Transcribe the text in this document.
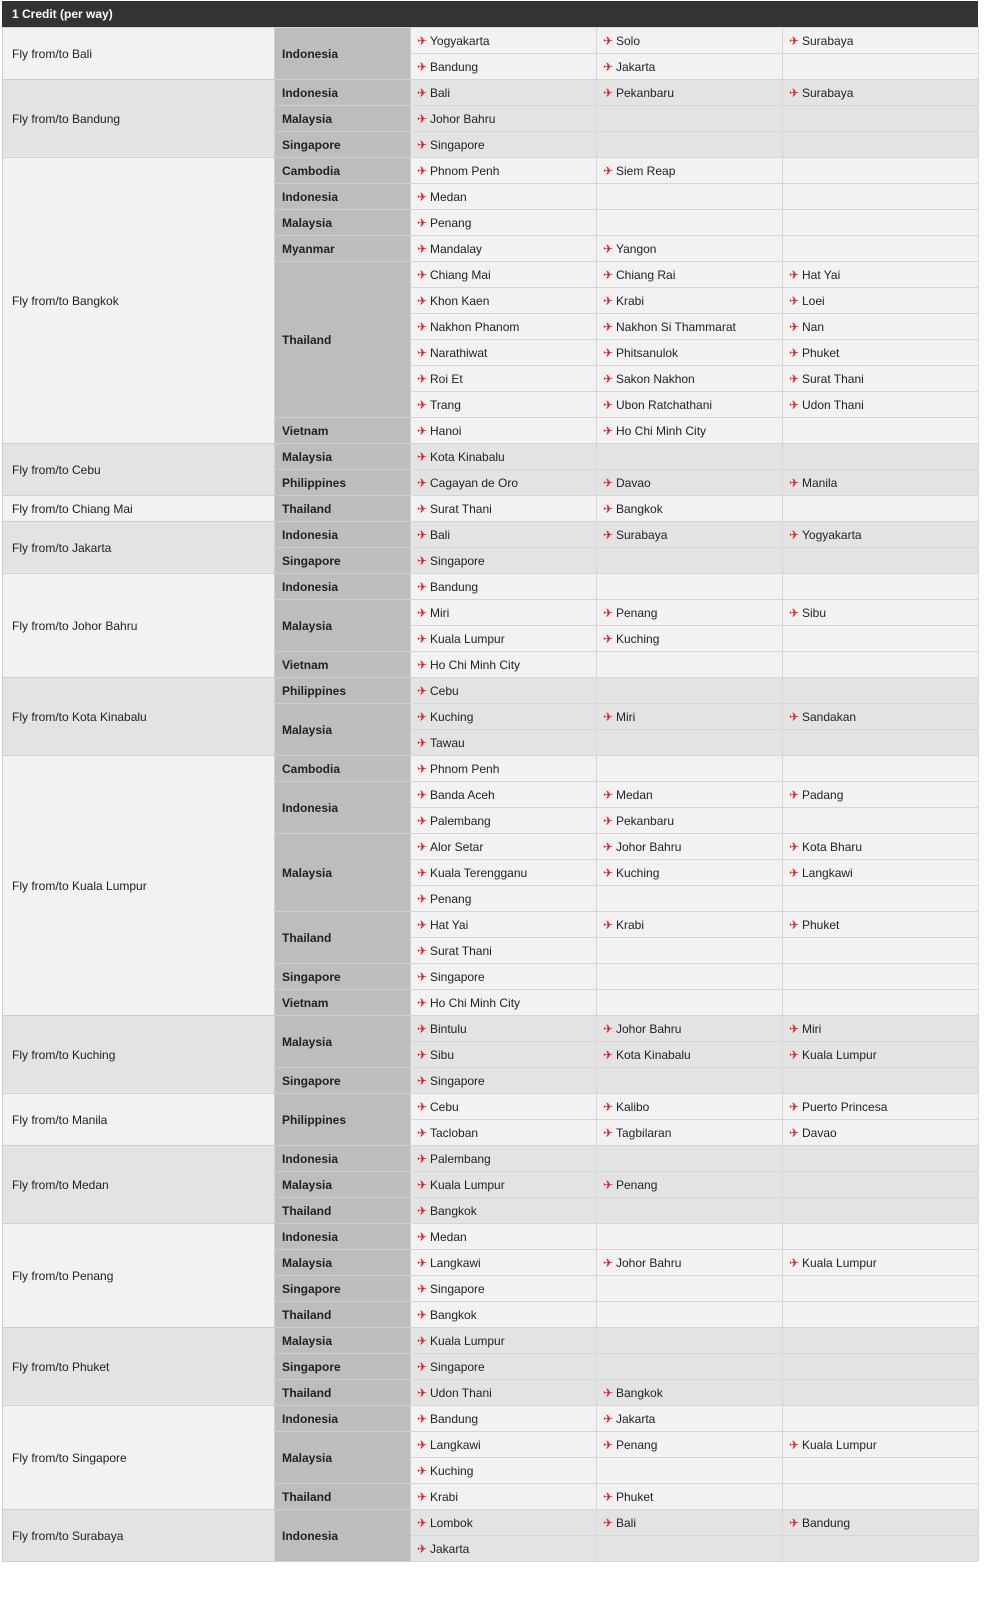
1 Credit (per way)
Fly from/to Bali	Indonesia	✈ Yogyakarta	✈ Solo	✈ Surabaya
		✈ Bandung	✈ Jakarta	
Fly from/to Bandung	Indonesia	✈ Bali	✈ Pekanbaru	✈ Surabaya
	Malaysia	✈ Johor Bahru		
	Singapore	✈ Singapore		
Fly from/to Bangkok	Cambodia	✈ Phnom Penh	✈ Siem Reap	
	Indonesia	✈ Medan		
	Malaysia	✈ Penang		
	Myanmar	✈ Mandalay	✈ Yangon	
	Thailand	✈ Chiang Mai	✈ Chiang Rai	✈ Hat Yai
		✈ Khon Kaen	✈ Krabi	✈ Loei
		✈ Nakhon Phanom	✈ Nakhon Si Thammarat	✈ Nan
		✈ Narathiwat	✈ Phitsanulok	✈ Phuket
		✈ Roi Et	✈ Sakon Nakhon	✈ Surat Thani
		✈ Trang	✈ Ubon Ratchathani	✈ Udon Thani
	Vietnam	✈ Hanoi	✈ Ho Chi Minh City	
Fly from/to Cebu	Malaysia	✈ Kota Kinabalu		
	Philippines	✈ Cagayan de Oro	✈ Davao	✈ Manila
Fly from/to Chiang Mai	Thailand	✈ Surat Thani	✈ Bangkok	
Fly from/to Jakarta	Indonesia	✈ Bali	✈ Surabaya	✈ Yogyakarta
	Singapore	✈ Singapore		
Fly from/to Johor Bahru	Indonesia	✈ Bandung		
	Malaysia	✈ Miri	✈ Penang	✈ Sibu
		✈ Kuala Lumpur	✈ Kuching	
	Vietnam	✈ Ho Chi Minh City		
Fly from/to Kota Kinabalu	Philippines	✈ Cebu		
	Malaysia	✈ Kuching	✈ Miri	✈ Sandakan
		✈ Tawau		
Fly from/to Kuala Lumpur	Cambodia	✈ Phnom Penh		
	Indonesia	✈ Banda Aceh	✈ Medan	✈ Padang
		✈ Palembang	✈ Pekanbaru	
	Malaysia	✈ Alor Setar	✈ Johor Bahru	✈ Kota Bharu
		✈ Kuala Terengganu	✈ Kuching	✈ Langkawi
		✈ Penang		
	Thailand	✈ Hat Yai	✈ Krabi	✈ Phuket
		✈ Surat Thani		
	Singapore	✈ Singapore		
	Vietnam	✈ Ho Chi Minh City		
Fly from/to Kuching	Malaysia	✈ Bintulu	✈ Johor Bahru	✈ Miri
		✈ Sibu	✈ Kota Kinabalu	✈ Kuala Lumpur
	Singapore	✈ Singapore		
Fly from/to Manila	Philippines	✈ Cebu	✈ Kalibo	✈ Puerto Princesa
		✈ Tacloban	✈ Tagbilaran	✈ Davao
Fly from/to Medan	Indonesia	✈ Palembang		
	Malaysia	✈ Kuala Lumpur	✈ Penang	
	Thailand	✈ Bangkok		
Fly from/to Penang	Indonesia	✈ Medan		
	Malaysia	✈ Langkawi	✈ Johor Bahru	✈ Kuala Lumpur
	Singapore	✈ Singapore		
	Thailand	✈ Bangkok		
Fly from/to Phuket	Malaysia	✈ Kuala Lumpur		
	Singapore	✈ Singapore		
	Thailand	✈ Udon Thani	✈ Bangkok	
Fly from/to Singapore	Indonesia	✈ Bandung	✈ Jakarta	
	Malaysia	✈ Langkawi	✈ Penang	✈ Kuala Lumpur
		✈ Kuching		
	Thailand	✈ Krabi	✈ Phuket	
Fly from/to Surabaya	Indonesia	✈ Lombok	✈ Bali	✈ Bandung
		✈ Jakarta		
